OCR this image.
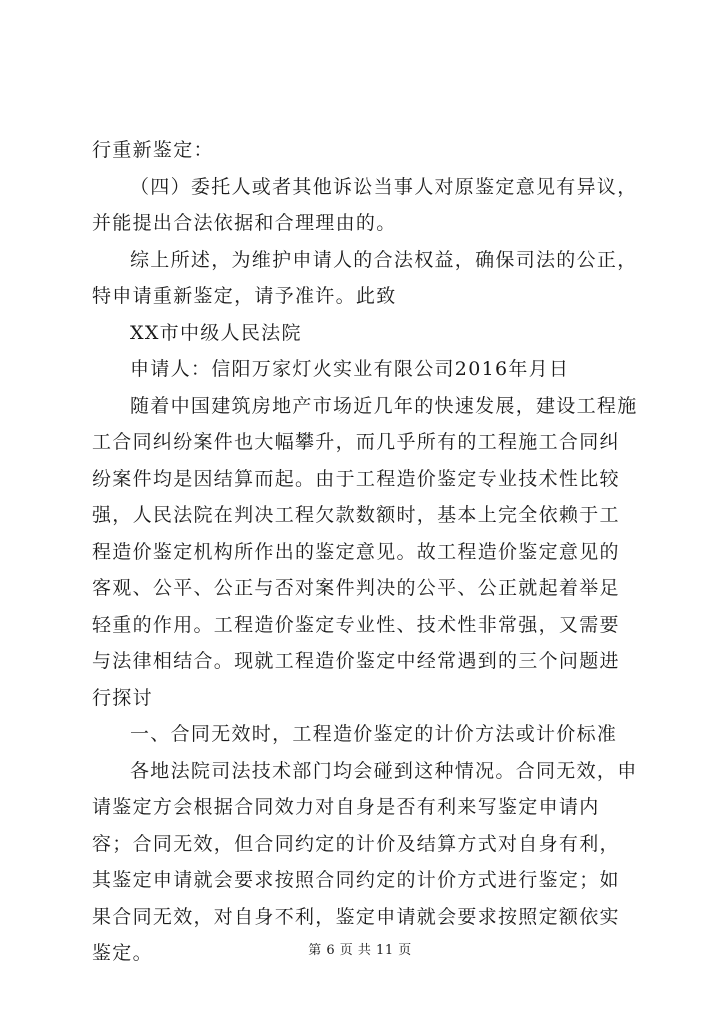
行重新鉴定：

（四）委托人或者其他诉讼当事人对原鉴定意见有异议，并能提出合法依据和合理理由的。

综上所述，为维护申请人的合法权益，确保司法的公正，特申请重新鉴定，请予准许。此致

XX市中级人民法院

申请人：信阳万家灯火实业有限公司2016年月日

随着中国建筑房地产市场近几年的快速发展，建设工程施工合同纠纷案件也大幅攀升，而几乎所有的工程施工合同纠纷案件均是因结算而起。由于工程造价鉴定专业技术性比较强，人民法院在判决工程欠款数额时，基本上完全依赖于工程造价鉴定机构所作出的鉴定意见。故工程造价鉴定意见的客观、公平、公正与否对案件判决的公平、公正就起着举足轻重的作用。工程造价鉴定专业性、技术性非常强，又需要与法律相结合。现就工程造价鉴定中经常遇到的三个问题进行探讨

一、合同无效时，工程造价鉴定的计价方法或计价标准

各地法院司法技术部门均会碰到这种情况。合同无效，申请鉴定方会根据合同效力对自身是否有利来写鉴定申请内容；合同无效，但合同约定的计价及结算方式对自身有利，其鉴定申请就会要求按照合同约定的计价方式进行鉴定；如果合同无效，对自身不利，鉴定申请就会要求按照定额依实鉴定。	第 6 页 共 11 页
